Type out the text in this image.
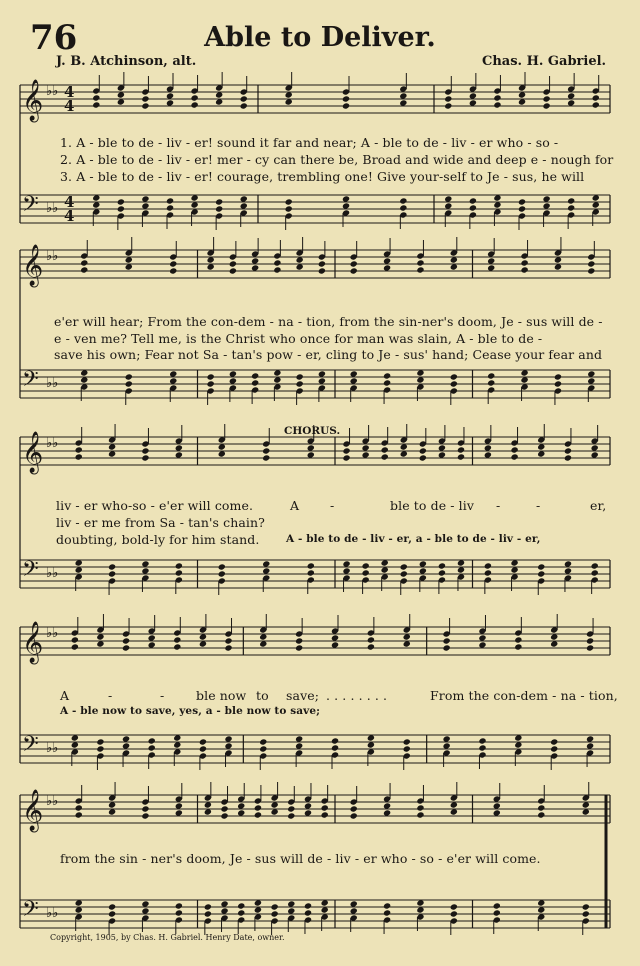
76	Able to Deliver.
J. B. Atchinson, alt.	Chas. H. Gabriel.
𝄞 ♭♭
𝄢 ♭♭
4
4
4
4
𝄞 ♭♭
𝄢 ♭♭
𝄞 ♭♭
𝄢 ♭♭
𝄞 ♭♭
𝄢 ♭♭
𝄞 ♭♭
𝄢 ♭♭
1. A - ble to de - liv - er! sound it far and near; A - ble to de - liv - er who - so -
2. A - ble to de - liv - er! mer - cy can there be, Broad and wide and deep e - nough for
3. A - ble to de - liv - er! courage, trembling one! Give your-self to Je - sus, he will
e'er will hear; From the con-dem - na - tion, from the sin-ner's doom, Je - sus will de -
e - ven me? Tell me, is the Christ who once for man was slain, A - ble to de -
save his own; Fear not Sa - tan's pow - er, cling to Je - sus' hand; Cease your fear and
CHORUS.
liv - er who-so - e'er will come.
liv - er me from Sa - tan's chain?
doubting, bold-ly for him stand.
A -	ble to de - liv -	-	er,
A - ble to de - liv - er, a - ble to de - liv - er,
A	-	-	ble now to save; . . . . . . . .	From the con-dem - na - tion,
A - ble now to save, yes, a - ble now to save;
from the sin - ner's doom, Je - sus will de - liv - er who - so - e'er will come.
Copyright, 1905, by Chas. H. Gabriel. Henry Date, owner.
